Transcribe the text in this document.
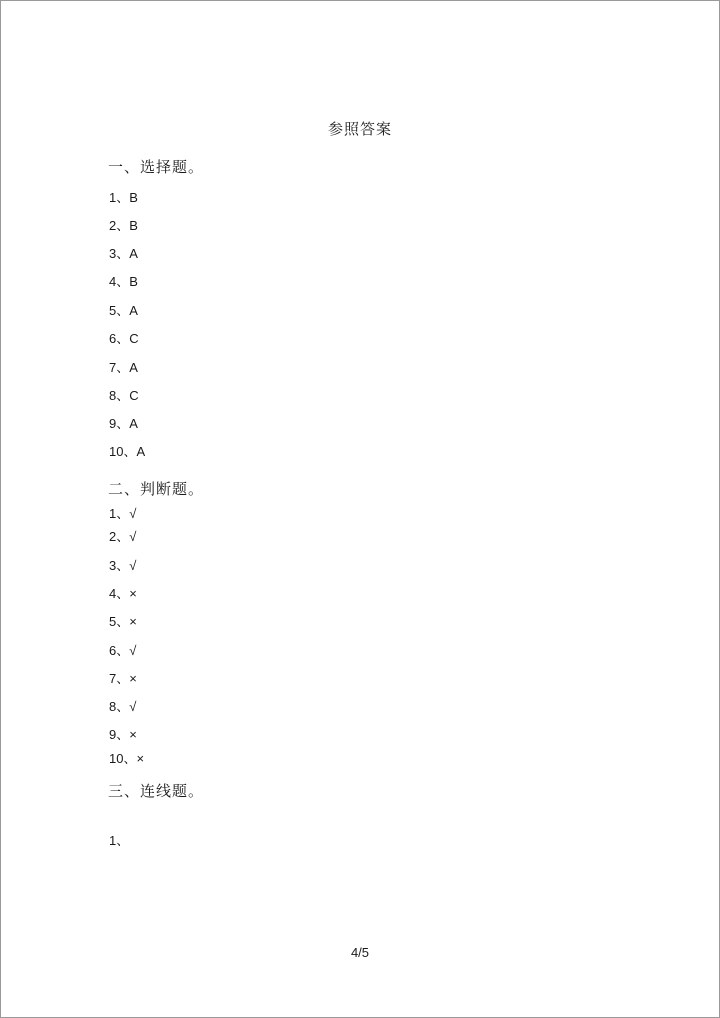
参照答案
一、选择题。
1、B
2、B
3、A
4、B
5、A
6、C
7、A
8、C
9、A
10、A
二、判断题。
1、√
2、√
3、√
4、×
5、×
6、√
7、×
8、√
9、×
10、×
三、连线题。
1、
4/5
